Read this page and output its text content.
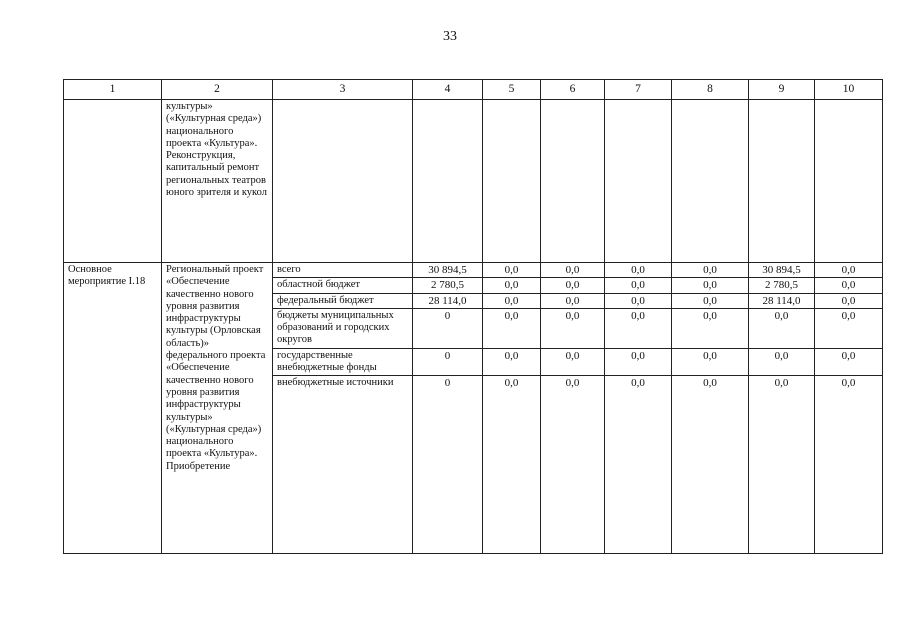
33
1	2	3	4	5	6	7	8	9	10
	культуры» («Культурная среда») национального проекта «Культура». Реконструкция, капитальный ремонт региональных театров юного зрителя и кукол								
Основное мероприятие I.18	Региональный проект «Обеспечение качественно нового уровня развития инфраструктуры культуры (Орловская область)» федерального проекта «Обеспечение качественно нового уровня развития инфраструктуры культуры» («Культурная среда») национального проекта «Культура». Приобретение	всего	30 894,5	0,0	0,0	0,0	0,0	30 894,5	0,0
		областной бюджет	2 780,5	0,0	0,0	0,0	0,0	2 780,5	0,0
		федеральный бюджет	28 114,0	0,0	0,0	0,0	0,0	28 114,0	0,0
		бюджеты муниципальных образований и городских округов	0	0,0	0,0	0,0	0,0	0,0	0,0
		государственные внебюджетные фонды	0	0,0	0,0	0,0	0,0	0,0	0,0
		внебюджетные источники	0	0,0	0,0	0,0	0,0	0,0	0,0
